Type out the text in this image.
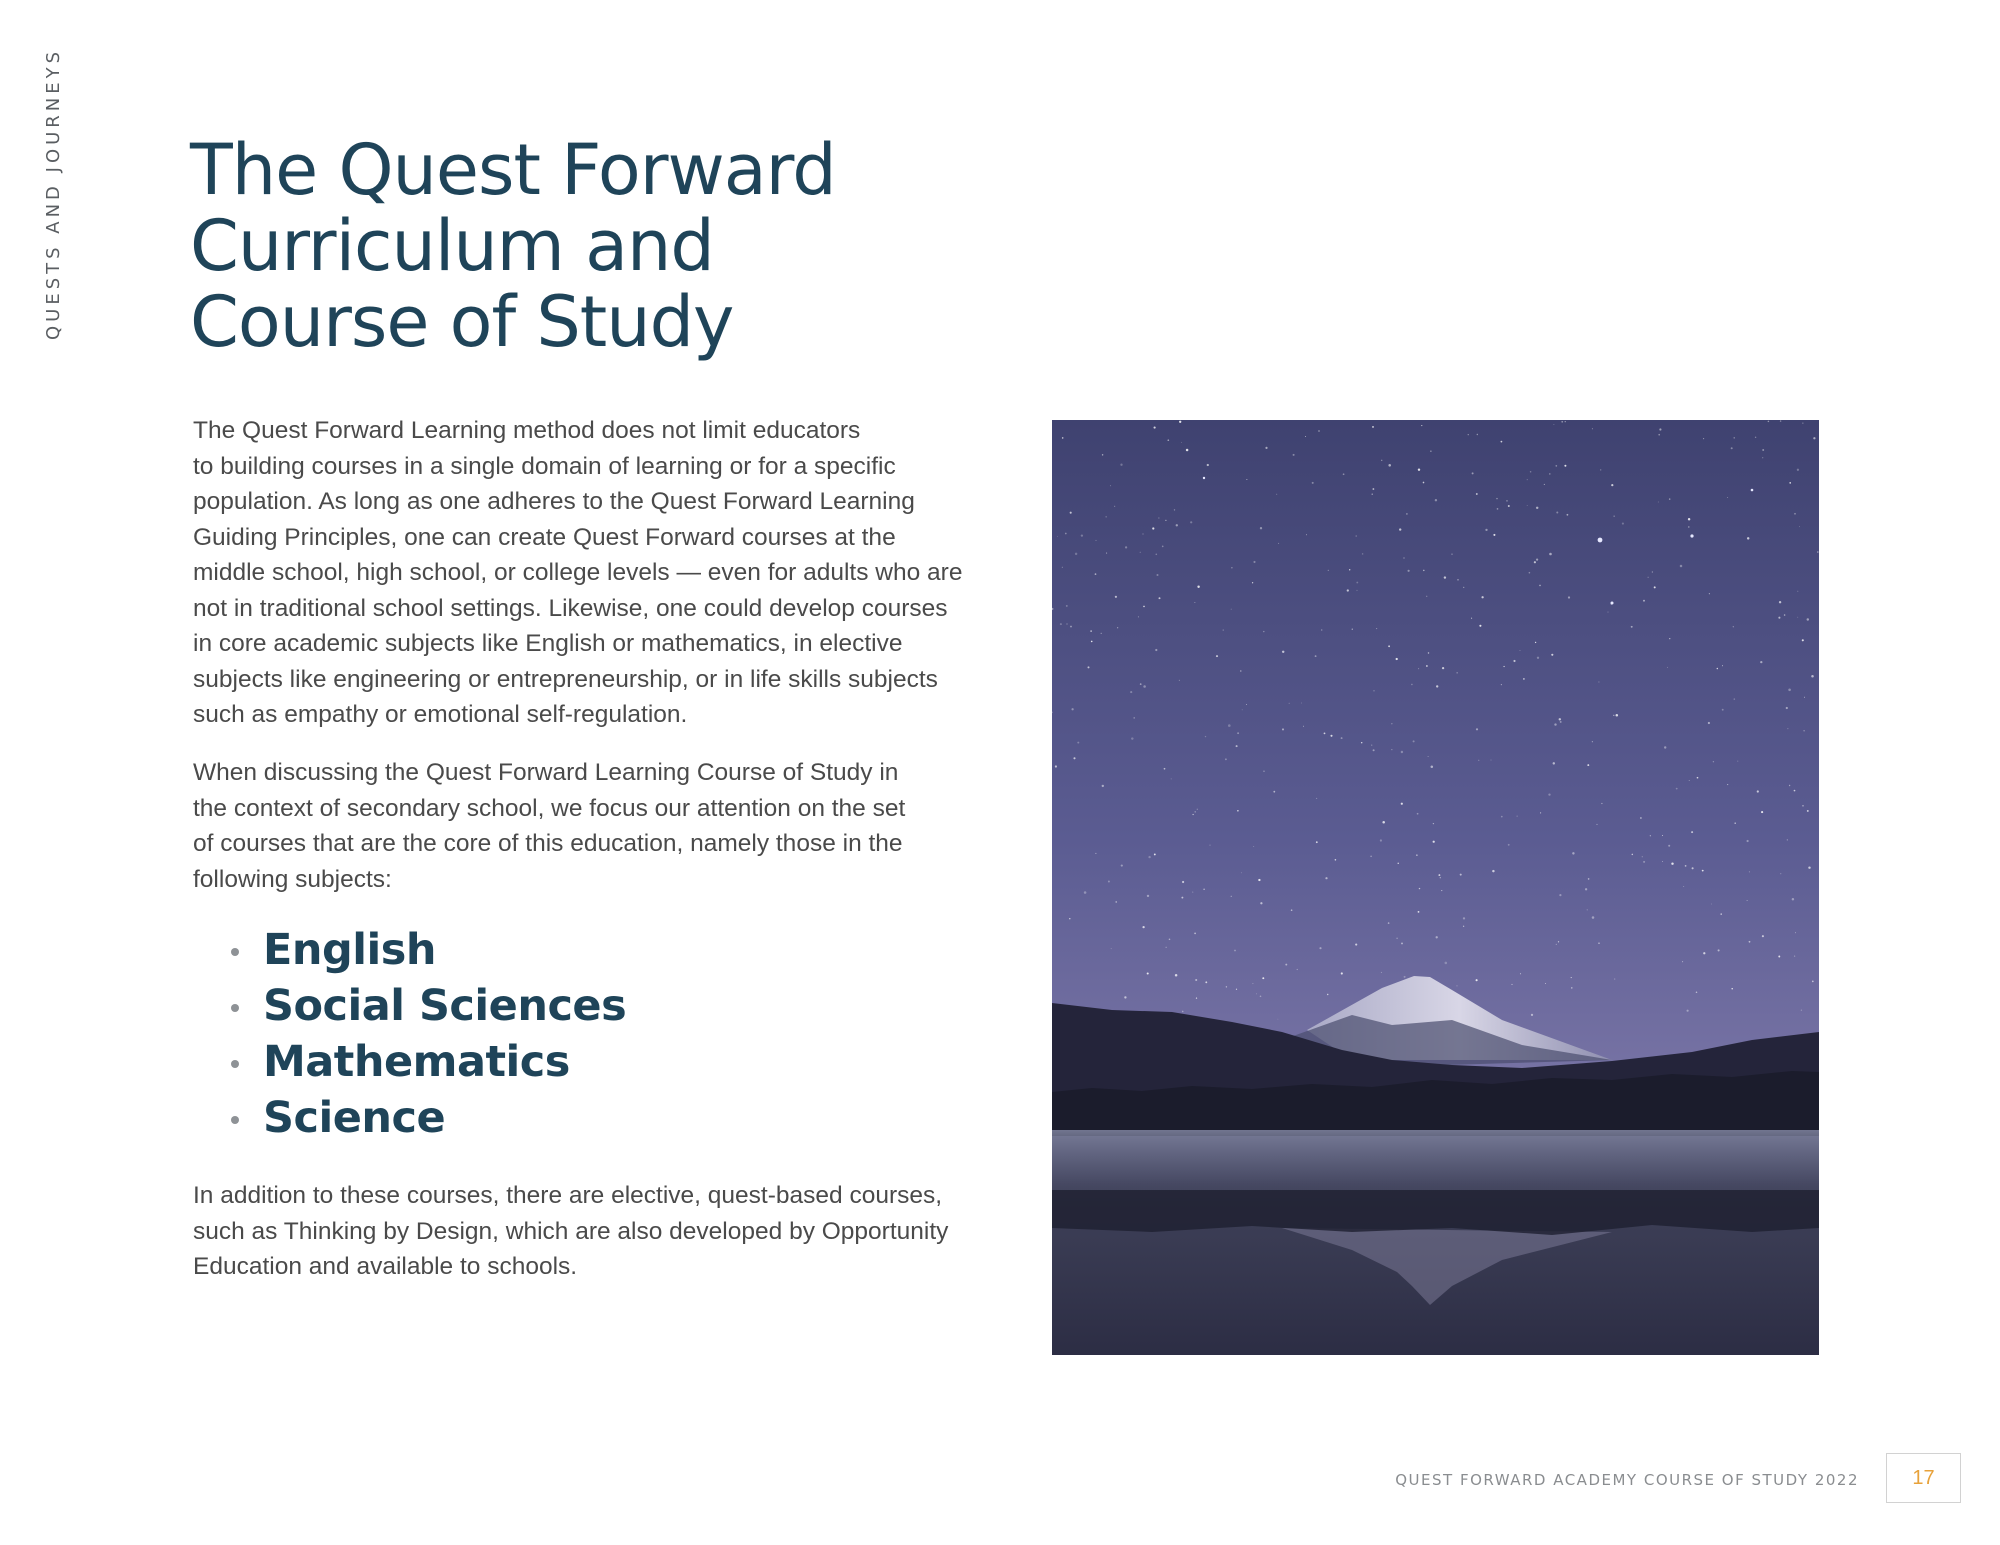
QUESTS AND JOURNEYS The Quest Forward
Curriculum and
Course of Study

The Quest Forward Learning method does not limit educators
to building courses in a single domain of learning or for a specific
population. As long as one adheres to the Quest Forward Learning
Guiding Principles, one can create Quest Forward courses at the
middle school, high school, or college levels — even for adults who are
not in traditional school settings. Likewise, one could develop courses
in core academic subjects like English or mathematics, in elective
subjects like engineering or entrepreneurship, or in life skills subjects
such as empathy or emotional self-regulation.

When discussing the Quest Forward Learning Course of Study in
the context of secondary school, we focus our attention on the set
of courses that are the core of this education, namely those in the
following subjects:

English
Social Sciences
Mathematics
Science

In addition to these courses, there are elective, quest-based courses,
such as Thinking by Design, which are also developed by Opportunity
Education and available to schools.

QUEST FORWARD ACADEMY COURSE OF STUDY 2022	17
